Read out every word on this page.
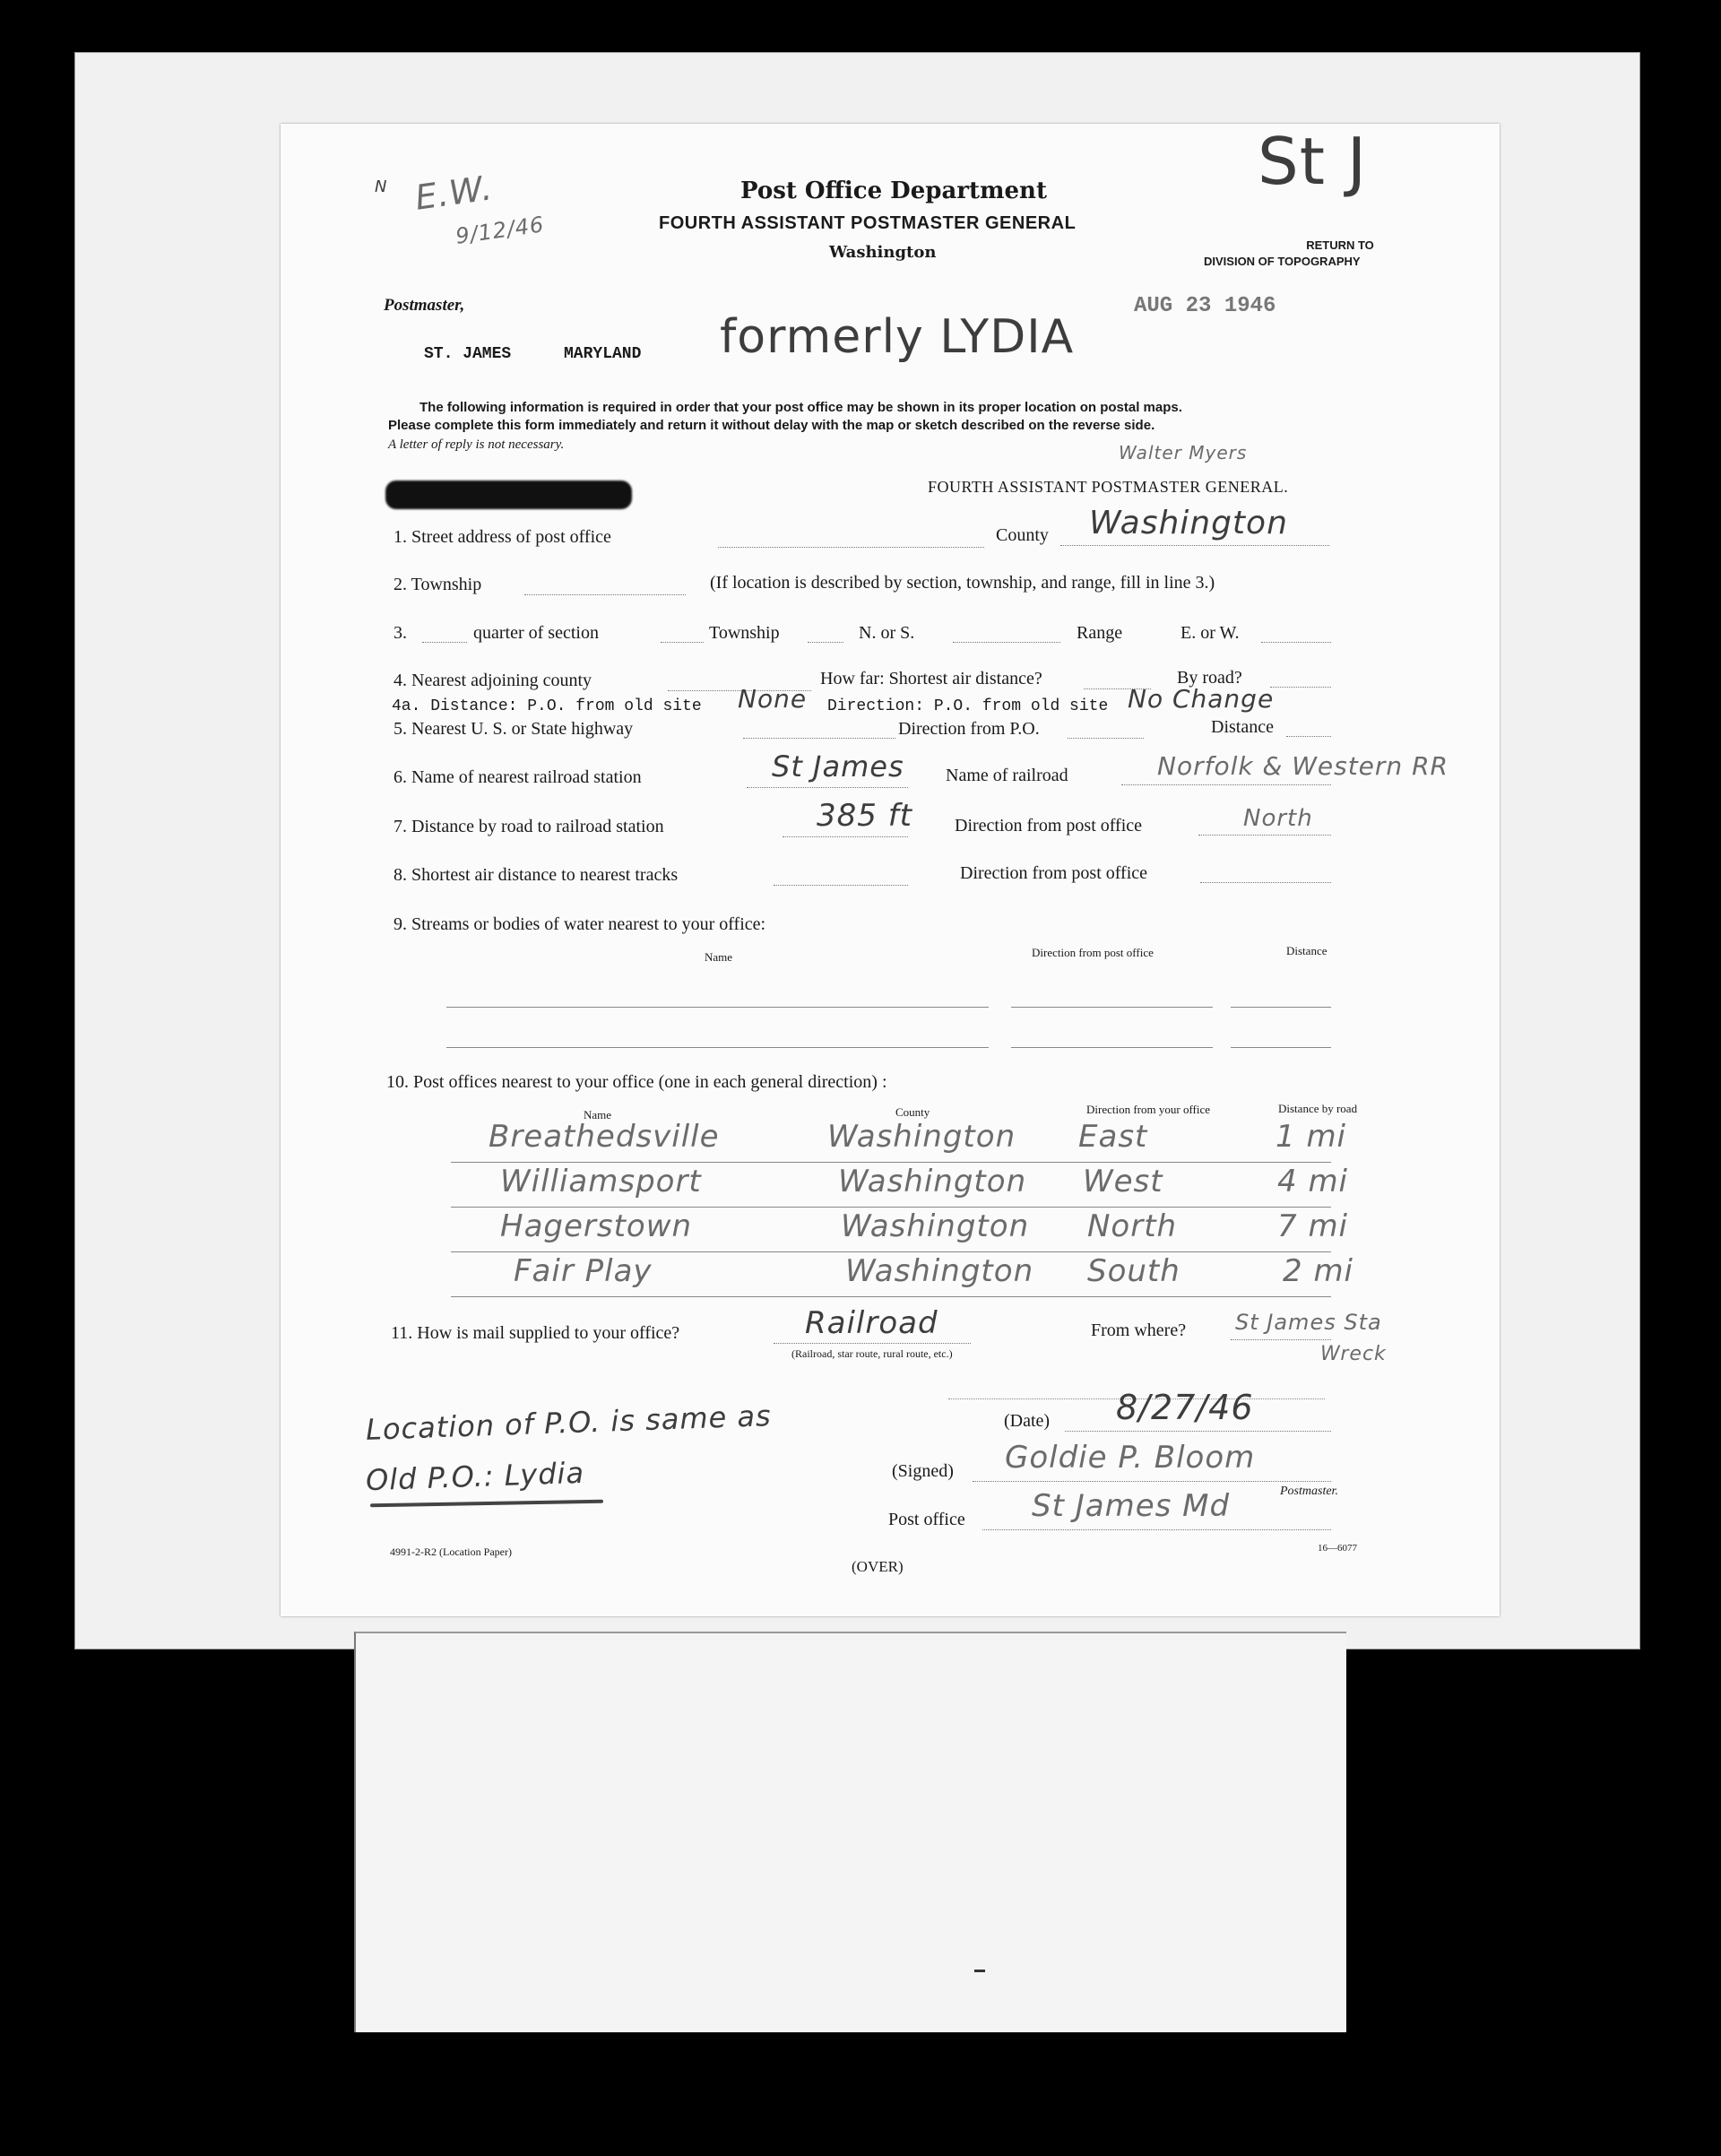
N E.W.
9/12/46
Post Office Department
FOURTH ASSISTANT POSTMASTER GENERAL
Washington
St J
RETURN TO
DIVISION OF TOPOGRAPHY
Postmaster,	AUG 23 1946
ST. JAMES	MARYLAND formerly LYDIA
The following information is required in order that your post office may be shown in its proper location on postal maps.
Please complete this form immediately and return it without delay with the map or sketch described on the reverse side.
A letter of reply is not necessary.	Walter Myers
FOURTH ASSISTANT POSTMASTER GENERAL.
1. Street address of post office	County Washington
2. Township	(If location is described by section, township, and range, fill in line 3.)
3.	quarter of section	Township	N. or S.	Range	E. or W.
4. Nearest adjoining county	How far: Shortest air distance?	By road?
4a. Distance: P.O. from old site None Direction: P.O. from old site No Change
5. Nearest U. S. or State highway	Direction from P.O.	Distance
6. Name of nearest railroad station	St James Name of railroad	Norfolk & Western RR
7. Distance by road to railroad station	385 ft Direction from post office	North
8. Shortest air distance to nearest tracks	Direction from post office
9. Streams or bodies of water nearest to your office:
Name	Direction from post office	Distance
10. Post offices nearest to your office (one in each general direction) :
Name	County	Direction from your office	Distance by road
Breathedsville	Washington East	1 mi
Williamsport	Washington West	4 mi
Hagerstown	Washington North	7 mi
Fair Play	Washington South	2 mi
11. How is mail supplied to your office?	Railroad
(Railroad, star route, rural route, etc.)
From where? St James Sta
Wreck
Location of P.O. is same as
Old P.O.: Lydia
(Date) 8/27/46
(Signed) Goldie P. Bloom
Postmaster.
Post office St James Md
4991-2-R2 (Location Paper)
(OVER)
16—6077
